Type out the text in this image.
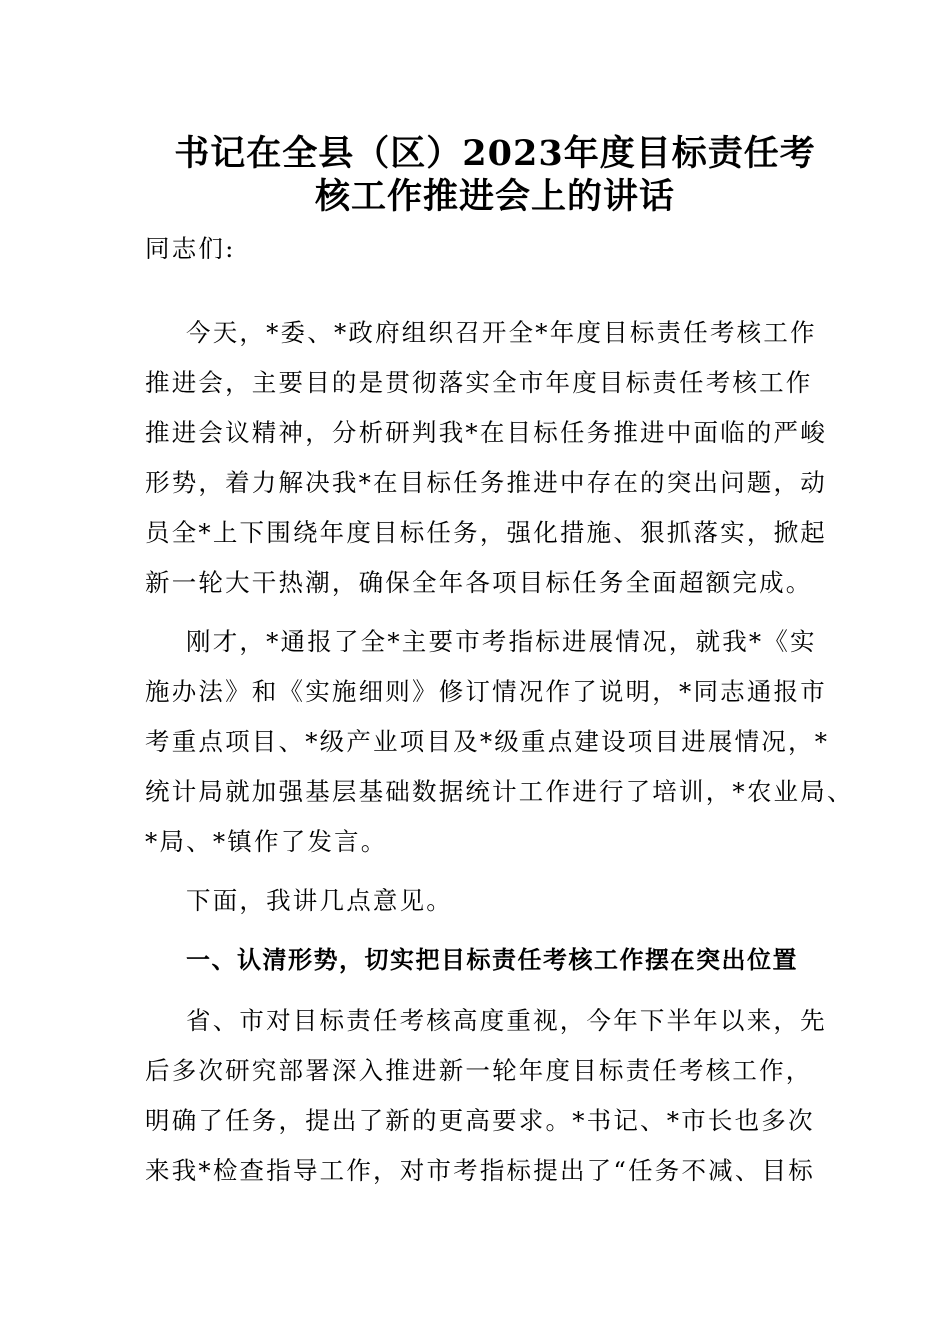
书记在全县（区）2023年度目标责任考
核工作推进会上的讲话
同志们:
今天，*委、*政府组织召开全*年度目标责任考核工作
推进会，主要目的是贯彻落实全市年度目标责任考核工作
推进会议精神，分析研判我*在目标任务推进中面临的严峻
形势，着力解决我*在目标任务推进中存在的突出问题，动
员全*上下围绕年度目标任务，强化措施、狠抓落实，掀起
新一轮大干热潮，确保全年各项目标任务全面超额完成。
刚才，*通报了全*主要市考指标进展情况，就我*《实
施办法》和《实施细则》修订情况作了说明，*同志通报市
考重点项目、*级产业项目及*级重点建设项目进展情况，*
统计局就加强基层基础数据统计工作进行了培训，*农业局、
*局、*镇作了发言。
下面，我讲几点意见。
一、认清形势，切实把目标责任考核工作摆在突出位置
省、市对目标责任考核高度重视，今年下半年以来，先
后多次研究部署深入推进新一轮年度目标责任考核工作，
明确了任务，提出了新的更高要求。*书记、*市长也多次
来我*检查指导工作，对市考指标提出了“任务不减、目标
